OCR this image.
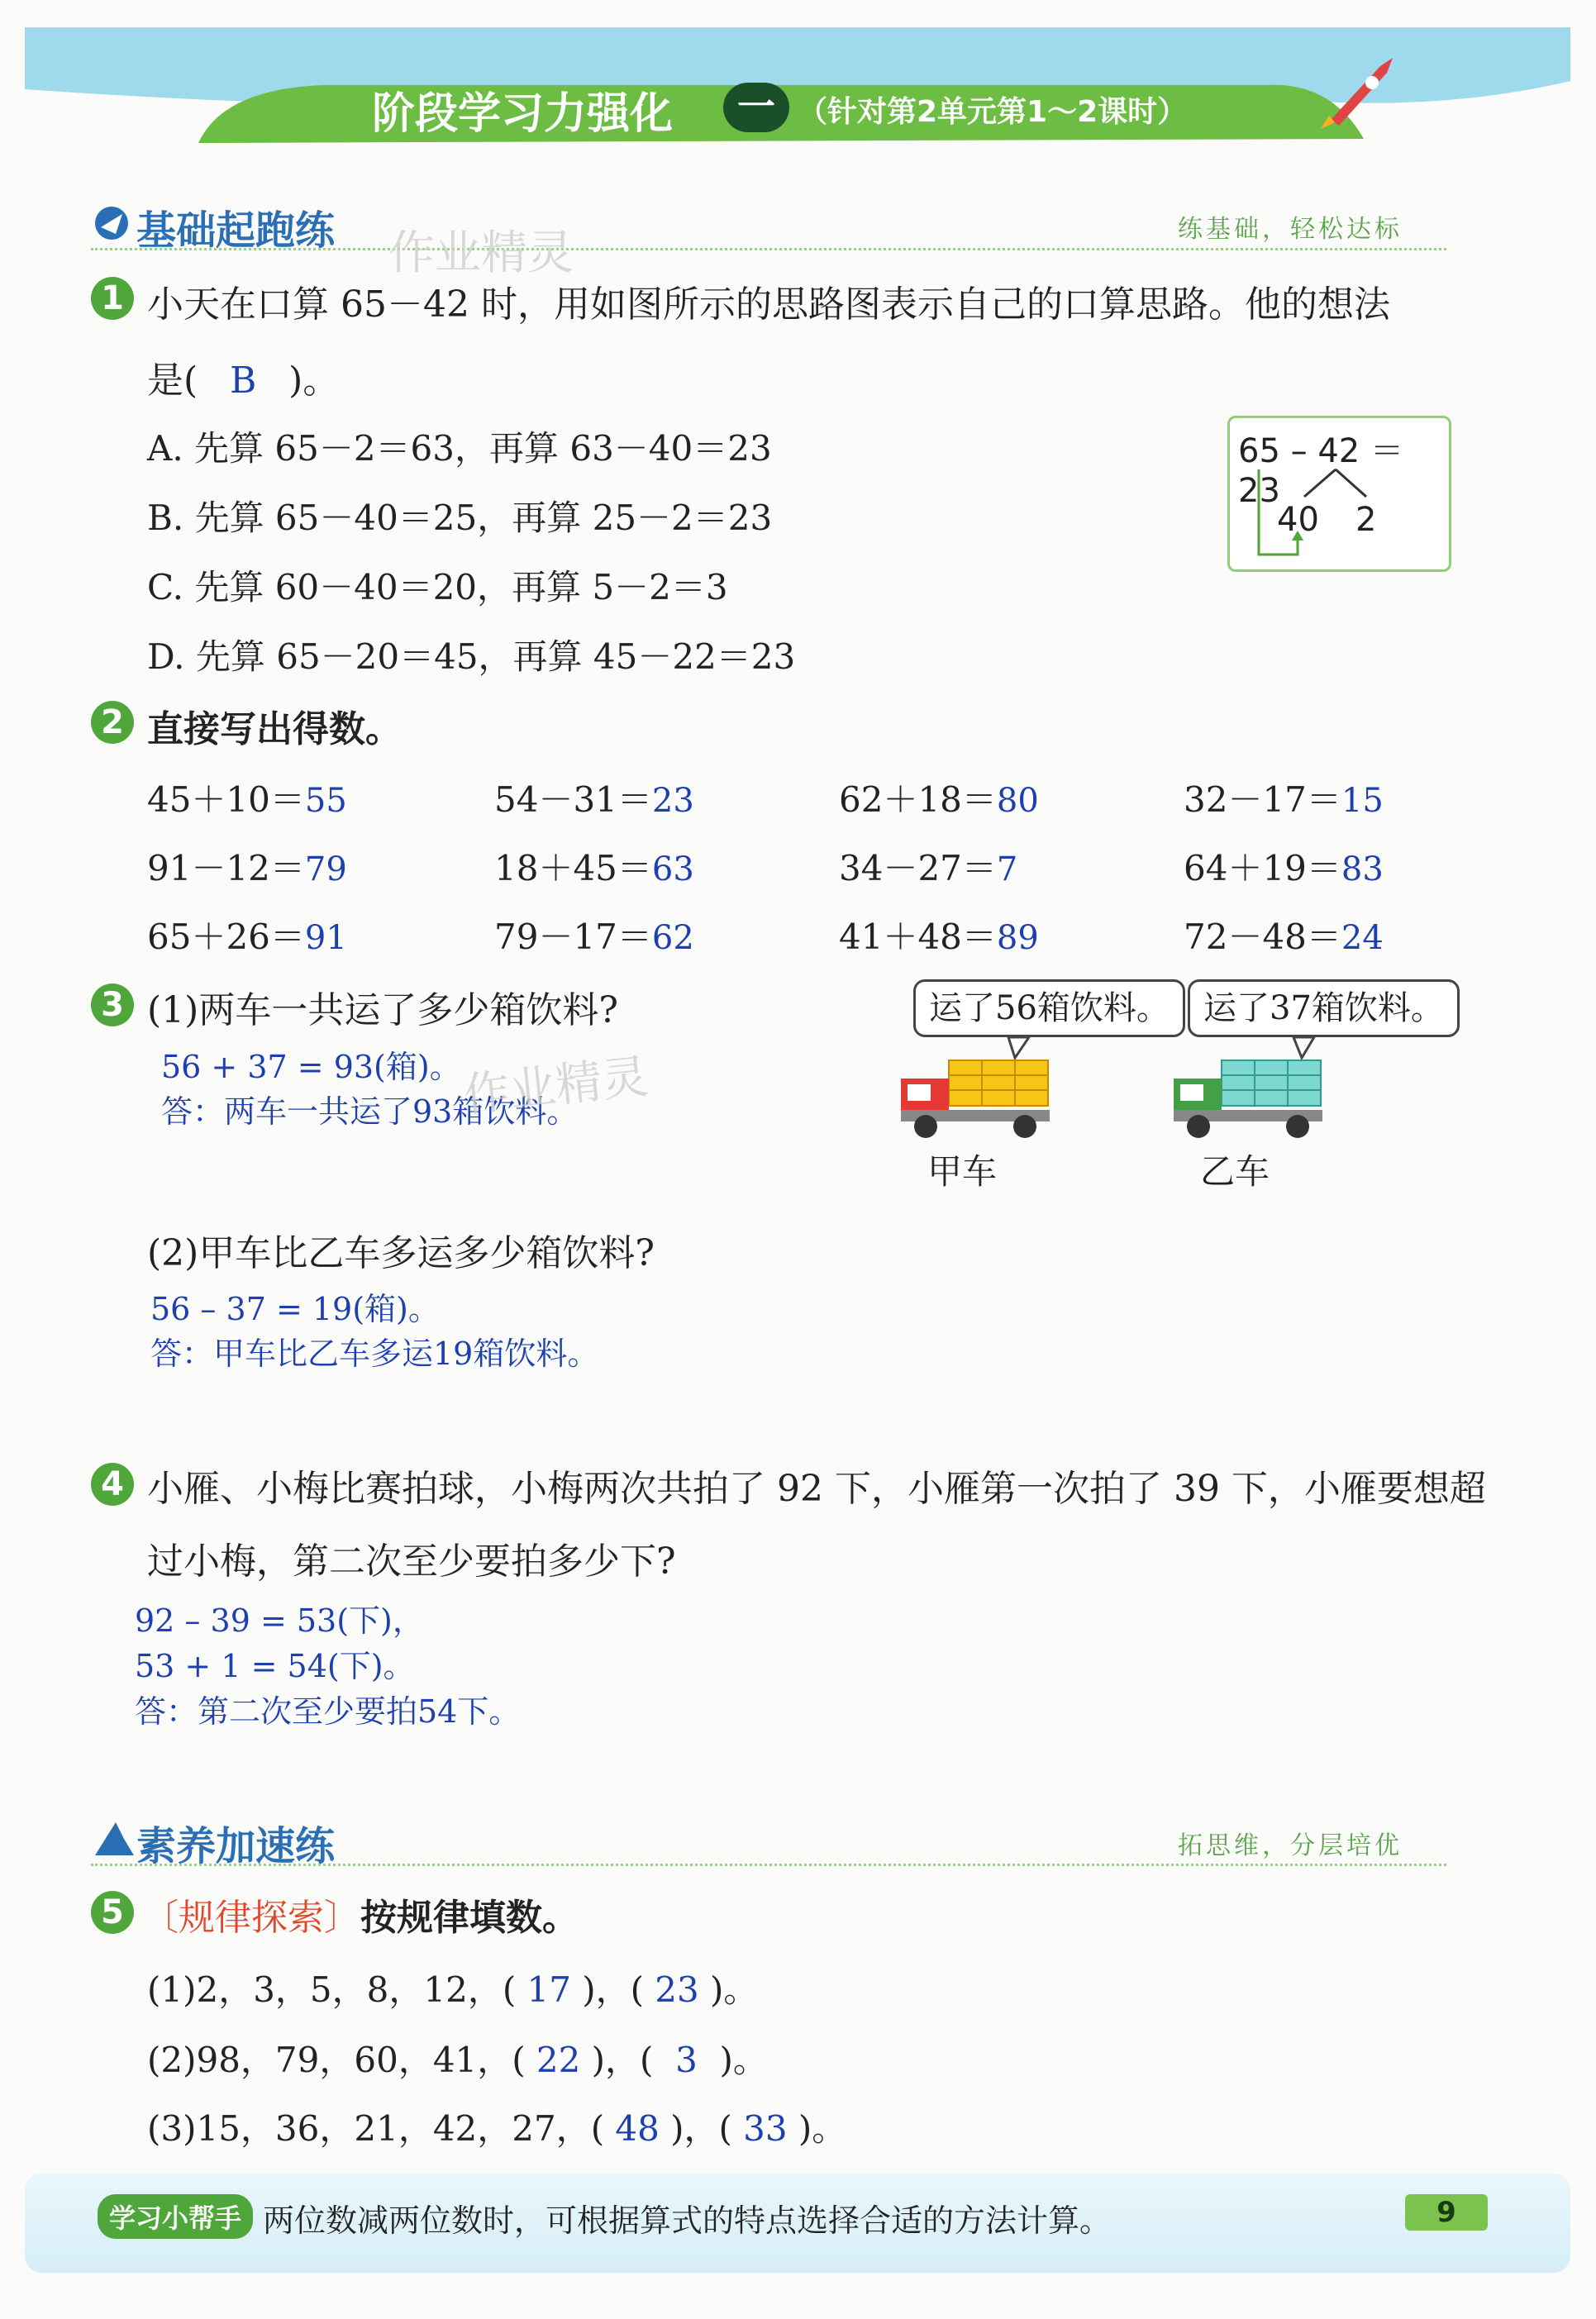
阶段学习力强化	一 （针对第2单元第1～2课时）
基础起跑练	练基础，轻松达标
作业精灵
1 小天在口算 65－42 时，用如图所示的思路图表示自己的口算思路。他的想法
是( B )。
A. 先算 65－2＝63，再算 63－40＝23
B. 先算 65－40＝25，再算 25－2＝23
C. 先算 60－40＝20，再算 5－2＝3
D. 先算 65－20＝45，再算 45－22＝23
65 – 42 ＝ 23
40 2
2 直接写出得数。
45＋10＝55	54－31＝23	62＋18＝80	32－17＝15
91－12＝79	18＋45＝63	34－27＝7	64＋19＝83
65＋26＝91	79－17＝62	41＋48＝89	72－48＝24
3 (1)两车一共运了多少箱饮料?
56 + 37 = 93(箱)。
答：两车一共运了93箱饮料。
作业精灵
运了56箱饮料。	运了37箱饮料。
甲车	乙车
(2)甲车比乙车多运多少箱饮料?
56 – 37 = 19(箱)。
答：甲车比乙车多运19箱饮料。
4 小雁、小梅比赛拍球，小梅两次共拍了 92 下，小雁第一次拍了 39 下，小雁要想超
过小梅，第二次至少要拍多少下?
92 – 39 = 53(下)，
53 + 1 = 54(下)。
答：第二次至少要拍54下。
素养加速练	拓思维，分层培优
5 〔规律探索〕按规律填数。
(1)2，3，5，8，12，( 17 )，( 23 )。
(2)98，79，60，41，( 22 )，( 3 )。
(3)15，36，21，42，27，( 48 )，( 33 )。
学习小帮手 两位数减两位数时，可根据算式的特点选择合适的方法计算。	9
